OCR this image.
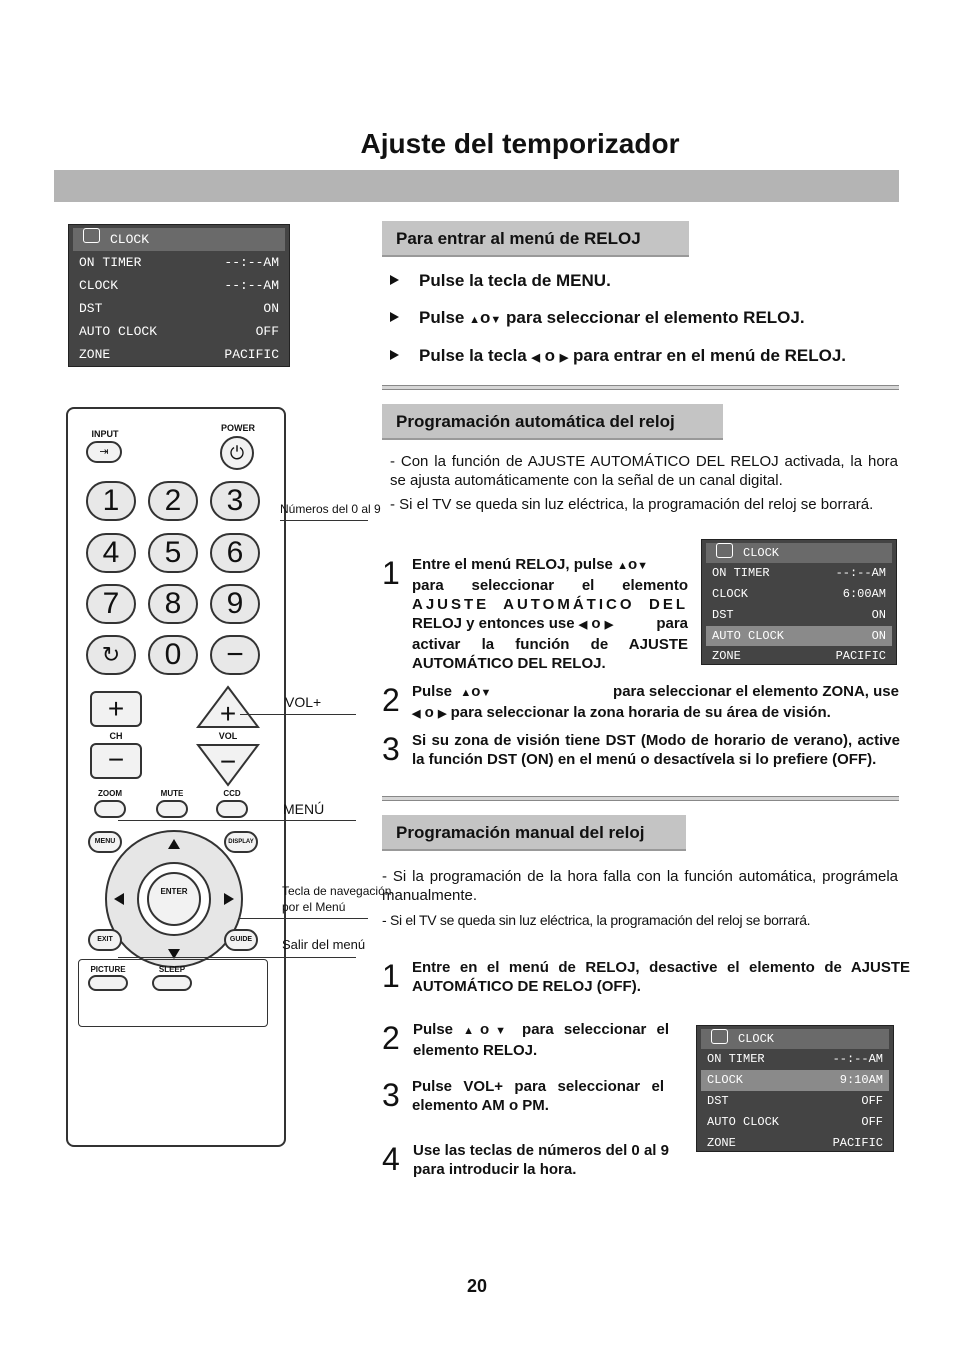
Ajuste del temporizador
CLOCK
ON TIMER	--:--AM
CLOCK	--:--AM
DST	ON
AUTO CLOCK	OFF
ZONE	PACIFIC
Para entrar al menú de RELOJ
Pulse la tecla de MENU.
Pulse ▲o▼ para seleccionar el elemento RELOJ.
Pulse la tecla ◀ o ▶ para entrar en el menú de RELOJ.
Programación automática del reloj
- Con la función de AJUSTE AUTOMÁTICO DEL RELOJ activada, la hora se ajusta automáticamente con la señal de un canal digital.
- Si el TV se queda sin luz eléctrica, la programación del reloj se borrará.
1 Entre el menú RELOJ, pulse ▲o▼
para seleccionar el elemento
AJUSTE AUTOMÁTICO DEL
RELOJ y entonces use ◀ o ▶	para
activar la función de AJUSTE AUTOMÁTICO DEL RELOJ.
CLOCK
ON TIMER	--:--AM
CLOCK	6:00AM
DST	ON
AUTO CLOCK	ON
ZONE	PACIFIC
2 Pulse ▲o▼	para seleccionar el elemento ZONA, use
◀ o ▶ para seleccionar la zona horaria de su área de visión.
3 Si su zona de visión tiene DST (Modo de horario de verano), active la función DST (ON) en el menú o desactívela si lo prefiere (OFF).
Programación manual del reloj
- Si la programación de la hora falla con la función automática, prográmela manualmente.
- Si el TV se queda sin luz eléctrica, la programación del reloj se borrará.
1 Entre en el menú de RELOJ, desactive el elemento de AJUSTE AUTOMÁTICO DE RELOJ (OFF).
2 Pulse ▲o▼ para seleccionar el elemento RELOJ.
3 Pulse VOL+ para seleccionar el elemento AM o PM.
4 Use las teclas de números del 0 al 9 para introducir la hora.
CLOCK
ON TIMER	--:--AM
CLOCK	9:10AM
DST	OFF
AUTO CLOCK	OFF
ZONE	PACIFIC
INPUT
⇥
POWER
⏻
1	2	3
4	5	6
7	8	9
↻	0	−
+
CH
−
+
VOL
−
ZOOM	MUTE	CCD
MENU	DISPLAY
ENTER
EXIT	GUIDE
PICTURE	SLEEP
Números del 0 al 9
VOL+
MENÚ
Tecla de navegación
por el Menú
Salir del menú
20
